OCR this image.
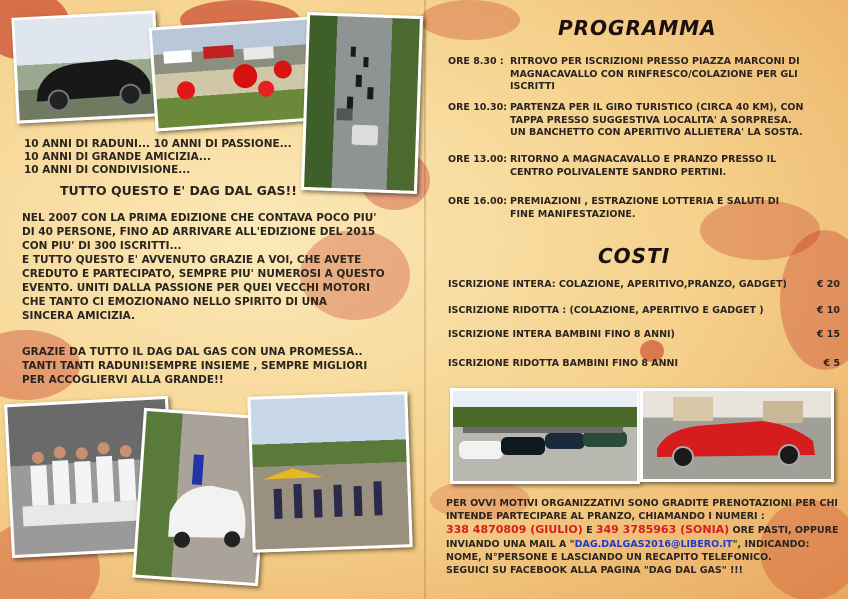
10 ANNI DI RADUNI... 10 ANNI DI PASSIONE...
10 ANNI DI GRANDE AMICIZIA...
10 ANNI DI CONDIVISIONE...
TUTTO QUESTO E' DAG DAL GAS!!
NEL 2007 CON LA PRIMA EDIZIONE CHE CONTAVA POCO PIU'
DI 40 PERSONE, FINO AD ARRIVARE ALL'EDIZIONE DEL 2015
CON PIU' DI 300 ISCRITTI...
E TUTTO QUESTO E' AVVENUTO GRAZIE A VOI, CHE AVETE
CREDUTO E PARTECIPATO, SEMPRE PIU' NUMEROSI A QUESTO
EVENTO. UNITI DALLA PASSIONE PER QUEI VECCHI MOTORI
CHE TANTO CI EMOZIONANO NELLO SPIRITO DI UNA
SINCERA AMICIZIA.
GRAZIE DA TUTTO IL DAG DAL GAS CON UNA PROMESSA..
TANTI TANTI RADUNI!SEMPRE INSIEME , SEMPRE MIGLIORI
PER ACCOGLIERVI ALLA GRANDE!!
PROGRAMMA
ORE 8.30 : RITROVO PER ISCRIZIONI PRESSO PIAZZA MARCONI DI
MAGNACAVALLO CON RINFRESCO/COLAZIONE PER GLI
ISCRITTI
ORE 10.30: PARTENZA PER IL GIRO TURISTICO (CIRCA 40 KM), CON
TAPPA PRESSO SUGGESTIVA LOCALITA' A SORPRESA.
UN BANCHETTO CON APERITIVO ALLIETERA' LA SOSTA.
ORE 13.00: RITORNO A MAGNACAVALLO E PRANZO PRESSO IL
CENTRO POLIVALENTE SANDRO PERTINI.
ORE 16.00: PREMIAZIONI , ESTRAZIONE LOTTERIA E SALUTI DI
FINE MANIFESTAZIONE.
COSTI
ISCRIZIONE INTERA: COLAZIONE, APERITIVO,PRANZO, GADGET)	€ 20
ISCRIZIONE RIDOTTA : (COLAZIONE, APERITIVO E GADGET )	€ 10
ISCRIZIONE INTERA BAMBINI FINO 8 ANNI)	€ 15
ISCRIZIONE RIDOTTA BAMBINI FINO 8 ANNI	€ 5
PER OVVI MOTIVI ORGANIZZATIVI SONO GRADITE PRENOTAZIONI PER CHI
INTENDE PARTECIPARE AL PRANZO, CHIAMANDO I NUMERI :
338 4870809 (GIULIO) E 349 3785963 (SONIA) ORE PASTI, OPPURE
INVIANDO UNA MAIL A "DAG.DALGAS2016@LIBERO.IT", INDICANDO:
NOME, N°PERSONE E LASCIANDO UN RECAPITO TELEFONICO.
SEGUICI SU FACEBOOK ALLA PAGINA "DAG DAL GAS" !!!
